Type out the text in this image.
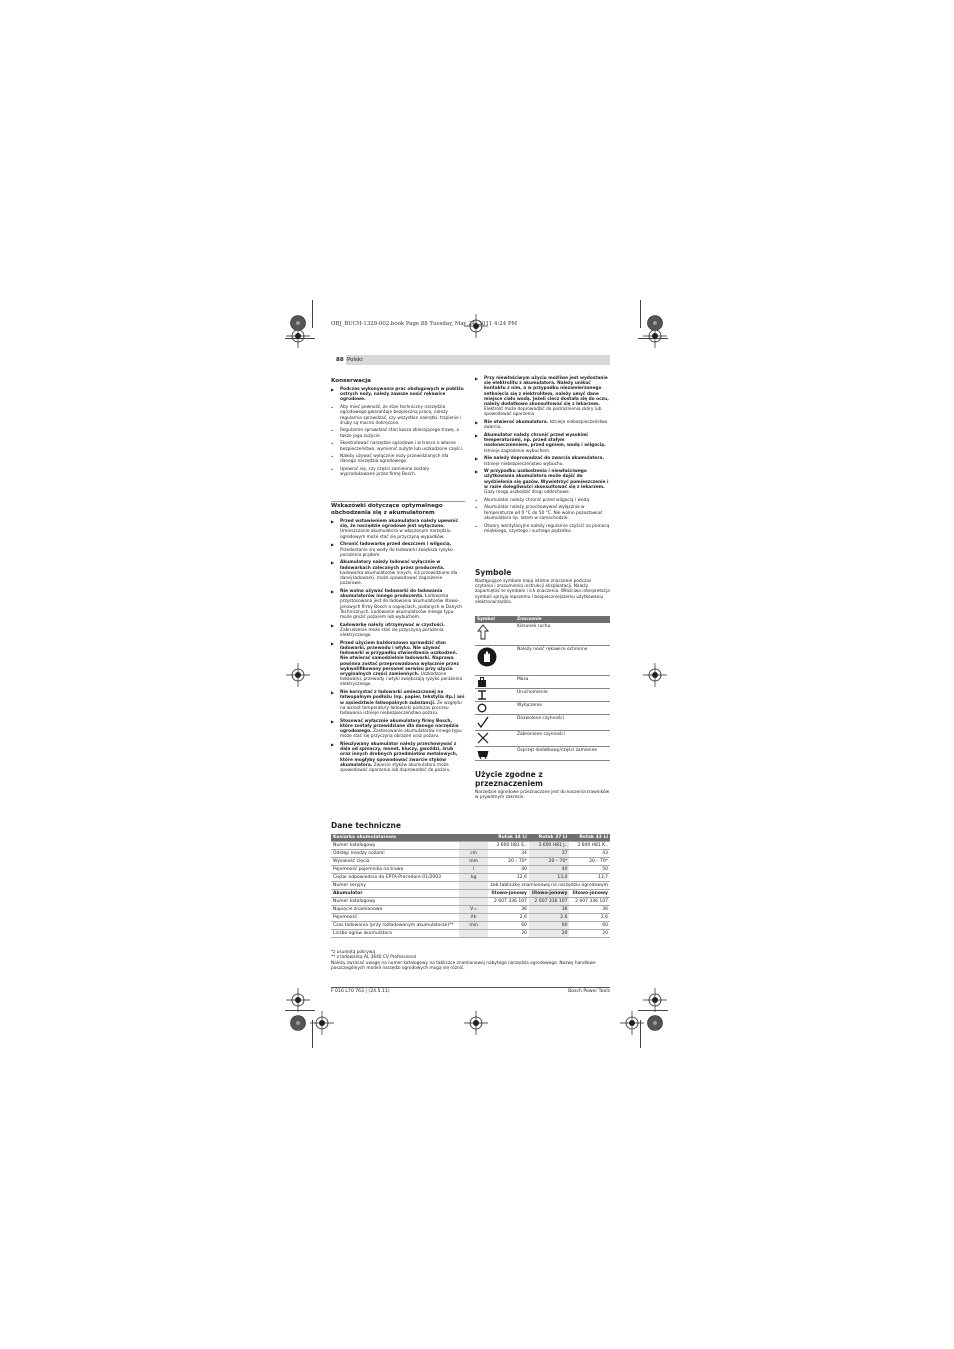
OBJ_BUCH-1329-002.book Page 88 Tuesday, May 24, 2011 4:24 PM
88 Polski
Konserwacja
▶ Podczas wykonywania prac obsługowych w pobliżu ostrych noży, należy zawsze nosić rękawice ogrodowe.
• Aby mieć pewność, że stan techniczny narzędzia ogrodowego gwarantuje bezpieczną pracę, należy regularnie sprawdzać, czy wszystkie nakrętki, trzpienie i śruby są mocno dokręcone.
• Regularnie sprawdzać stan kosza zbierającego trawę, a także jego zużycie.
• Skontrolować narzędzie ogrodowe i w trosce o własne bezpieczeństwo, wymienić zużyte lub uszkodzone części.
• Należy używać wyłącznie noży przewidzianych dla danego narzędzia ogrodowego.
• Upewnić się, czy części zamienne zostały wyprodukowane przez firmę Bosch.
Wskazówki dotyczące optymalnego obchodzenia się z akumulatorem
▶ Przed wstawieniem akumulatora należy upewnić się, że narzędzie ogrodowe jest wyłączone. Umieszczanie akumulatora w włączonym narzędziu ogrodowym może stać się przyczyną wypadków.
▶ Chronić ładowarkę przed deszczem i wilgocią. Przedostanie się wody do ładowarki zwiększa ryzyko porażenia prądem.
▶ Akumulatory należy ładować wyłącznie w ładowarkach zalecanych przez producenta. Ładowarka akumulatorów innych, niż przewidziane dla danej ładowarki, może spowodować zagrożenie pożarowe.
▶ Nie wolno używać ładowarki do ładowania akumulatorów innego producenta. Ładowarka przystosowana jest do ładowania akumulatorów litowo-jonowych firmy Bosch o napięciach, podanych w Danych Technicznych. Ładowanie akumulatorów innego typu może grozić pożarem lub wybuchem.
▶ Ładowarkę należy utrzymywać w czystości. Zabrudzenie może stać się przyczyną porażenia elektrycznego.
▶ Przed użyciem każdorazowo sprawdzić stan ładowarki, przewodu i wtyku. Nie używać ładowarki w przypadku stwierdzenia uszkodzeń. Nie otwierać samodzielnie ładowarki. Naprawa powinna zostać przeprowadzona wyłącznie przez wykwalifikowany personel serwisu przy użyciu oryginalnych części zamiennych. Uszkodzone ładowarki, przewody i wtyki zwiększają ryzyko porażenia elektrycznego.
▶ Nie korzystać z ładowarki umieszczonej na łatwopalnym podłożu (np. papier, tekstylia itp.) ani w sąsiedztwie łatwopalnych substancji. Ze względu na wzrost temperatury ładowarki podczas procesu ładowania istnieje niebezpieczeństwo pożaru.
▶ Stosować wyłącznie akumulatory firmy Bosch, które zostały przewidziane dla danego narzędzia ogrodowego. Zastosowanie akumulatorów innego typu może stać się przyczyną obrażeń oraz pożaru.
▶ Nieużywany akumulator należy przechowywać z dala od spinaczy, monet, kluczy, gwoździ, śrub oraz innych drobnych przedmiotów metalowych, które mogłyby spowodować zwarcie styków akumulatora. Zwarcie styków akumulatora może spowodować oparzenia lub doprowadzić do pożaru.
▶ Przy niewłaściwym użyciu możliwe jest wydostanie się elektrolitu z akumulatora. Należy unikać kontaktu z nim, a w przypadku niezamierzonego zetknięcia się z elektrolitem, należy umyć dane miejsce ciało wodą. Jeżeli ciecz dostała się do oczu, należy dodatkowo skonsultować się z lekarzem. Elektrolit może doprowadzić do podrażnienia skóry lub spowodować oparzenia.
▶ Nie otwierać akumulatora. Istnieje niebezpieczeństwo zwarcia.
▶ Akumulator należy chronić przed wysokimi temperaturami, np. przed stałym nasłonecznieniem, przed ogniem, wodą i wilgocią. Istnieje zagrożenie wybuchem.
▶ Nie należy doprowadzać do zwarcia akumulatora. Istnieje niebezpieczeństwo wybuchu.
▶ W przypadku uszkodzenia i niewłaściwego użytkowania akumulatora może dojść do wydzielenia się gazów. Wywietrzyć pomieszczenie i w razie dolegliwości skonsultować się z lekarzem. Gazy mogą uszkodzić drogi oddechowe.
• Akumulator należy chronić przed wilgocią i wodą.
• Akumulator należy przechowywać wyłącznie w temperaturze od 0 °C do 50 °C. Nie wolno pozostawiać akumulatora np. latem w samochodzie.
• Otwory wentylacyjne należy regularnie czyścić za pomocą miękkiego, czystego i suchego pędzelka.
Symbole

Następujące symbole mają istotne znaczenie podczas czytania i zrozumienia instrukcji eksploatacji. Należy zapamiętać te symbole i ich znaczenia. Właściwa interpretacja symboli sprzyja lepszemu i bezpieczniejszemu użytkowaniu elektronarzędzia.

Symbol	Znaczenie

	Kierunek ruchu

	Należy nosić rękawice ochronne

	Masa

	Uruchomienie

	Wyłączenie

	Dozwolone czynności

	Zabronione czynności

	Osprzęt dodatkowy/części zamienne
Użycie zgodne z przeznaczeniem

Narzędzie ogrodowe przeznaczone jest do koszenia trawników w prywatnym zakresie.

Dane techniczne
Kosiarka akumulatorowa		Rotak 34 LI	Rotak 37 LI	Rotak 43 LI
Numer katalogowy		3 600 H81 E..	3 600 H81 J..	3 600 H81 K..
Odstęp między nożami	cm	34	37	43
Wysokość cięcia	mm	20 – 70*	20 – 70*	20 – 70*
Pojemność pojemnika na trawę	l	40	40	50
Ciężar odpowiednio do EPTA-Procedure 01/2003	kg	12,6	13,0	13,7
Numer seryjny		zob.tabliczkę znamionową na narzędziu ogrodowym		
Akumulator		litowo-jonowy	litowo-jonowy	litowo-jonowy
Numer katalogowy		2 607 336 107	2 607 336 107	2 607 336 107
Napięcie znamionowe	V=	36	36	36
Pojemność	Ah	2,6	2,6	2,6
Czas ładowania (przy rozładowanym akumulatorze)**	min	60	60	60
Liczba ogniw akumulatora		20	20	20
*z usuniętą pokrywą
** z ładowarką AL 3640 CV Professional
Należy zwracać uwagę na numer katalogowy na tabliczce znamionowej nabytego narzędzia ogrodowego. Nazwy handlowe poszczególnych modeli narzędzi ogrodowych mogą się różnić.
F 016 L70 763 | (24.5.11)	Bosch Power Tools
